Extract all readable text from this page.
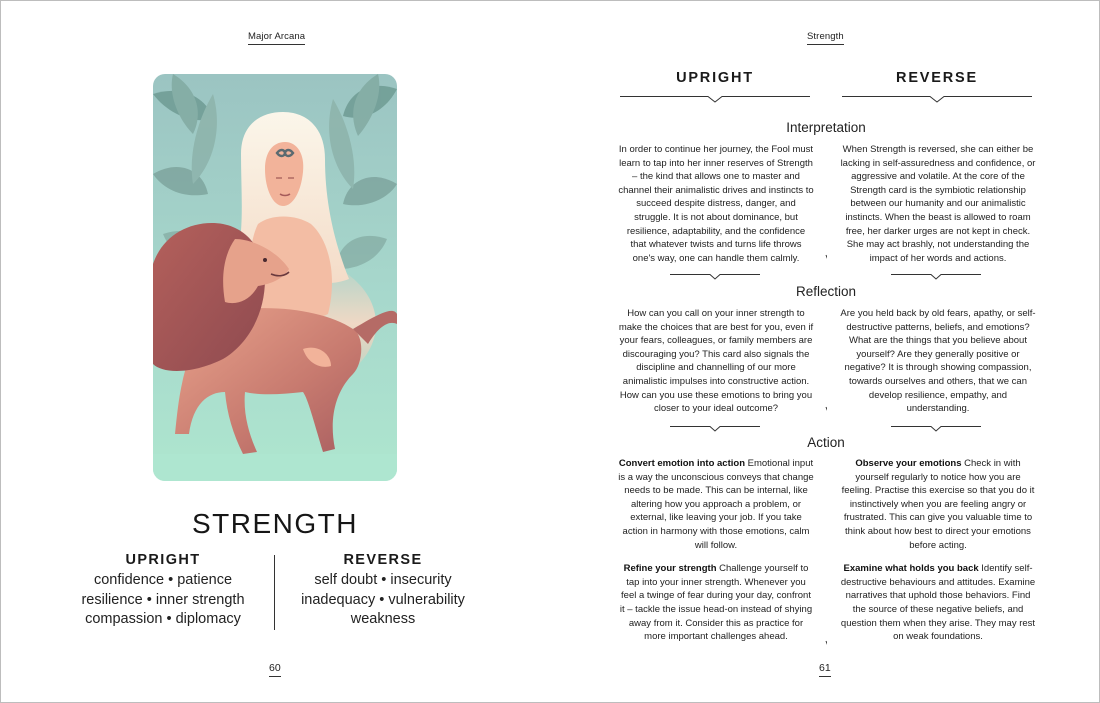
Major Arcana
60
STRENGTH
UPRIGHT
confidence • patience
resilience • inner strength
compassion • diplomacy
REVERSE
self doubt • insecurity
inadequacy • vulnerability
weakness
Strength
61
UPRIGHT	REVERSE
Interpretation
In order to continue her journey, the Fool must learn to tap into her inner reserves of Strength – the kind that allows one to master and channel their animalistic drives and instincts to succeed despite distress, danger, and struggle. It is not about dominance, but resilience, adaptability, and the confidence that whatever twists and turns life throws one's way, one can handle them calmly.
When Strength is reversed, she can either be lacking in self-assuredness and confidence, or aggressive and volatile. At the core of the Strength card is the symbiotic relationship between our humanity and our animalistic instincts. When the beast is allowed to roam free, her darker urges are not kept in check. She may act brashly, not understanding the impact of her words and actions.
Reflection
How can you call on your inner strength to make the choices that are best for you, even if your fears, colleagues, or family members are discouraging you? This card also signals the discipline and channelling of our more animalistic impulses into constructive action. How can you use these emotions to bring you closer to your ideal outcome?
Are you held back by old fears, apathy, or self-destructive patterns, beliefs, and emotions? What are the things that you believe about yourself? Are they generally positive or negative? It is through showing compassion, towards ourselves and others, that we can develop resilience, empathy, and understanding.
Action

Convert emotion into action Emotional input is a way the unconscious conveys that change needs to be made. This can be internal, like altering how you approach a problem, or external, like leaving your job. If you take action in harmony with those emotions, calm will follow.

Refine your strength Challenge yourself to tap into your inner strength. Whenever you feel a twinge of fear during your day, confront it – tackle the issue head-on instead of shying away from it. Consider this as practice for more important challenges ahead.

Observe your emotions Check in with yourself regularly to notice how you are feeling. Practise this exercise so that you do it instinctively when you are feeling angry or frustrated. This can give you valuable time to think about how best to direct your emotions before acting.

Examine what holds you back Identify self-destructive behaviours and attitudes. Examine narratives that uphold those behaviors. Find the source of these negative beliefs, and question them when they arise. They may rest on weak foundations.
